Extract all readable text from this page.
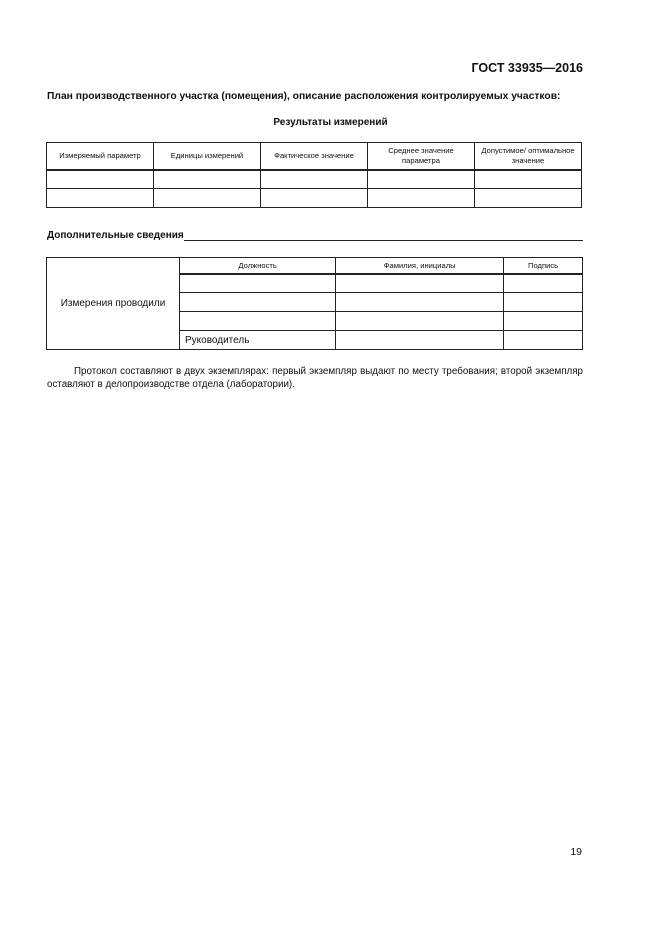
ГОСТ 33935—2016
План производственного участка (помещения), описание расположения контролируемых участков:
Результаты измерений
Измеряемый параметр	Единицы измерений	Фактическое значение	Среднее значение параметра	Допустимое/ оптимальное значение

Дополнительные сведения
Измерения проводили	Должность	Фамилия, инициалы	Подпись

	Руководитель		
Протокол составляют в двух экземплярах: первый экземпляр выдают по месту требования; второй экземпляр оставляют в делопроизводстве отдела (лаборатории).
19
